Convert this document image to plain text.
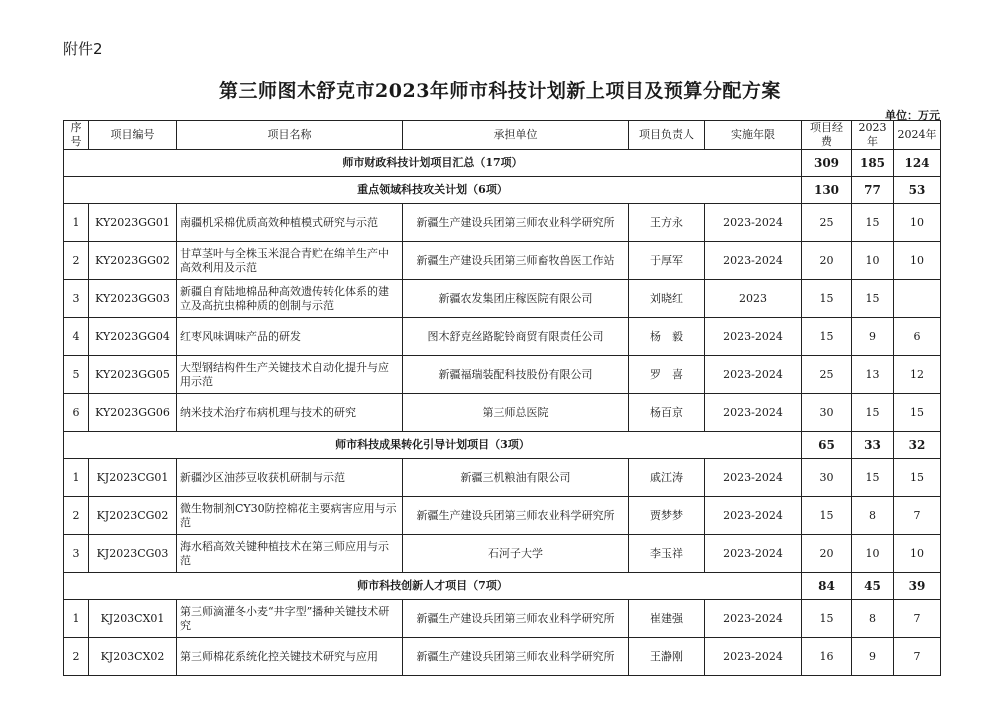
附件2
第三师图木舒克市2023年师市科技计划新上项目及预算分配方案
单位：万元
序号	项目编号	项目名称	承担单位	项目负责人	实施年限	项目经费	2023年	2024年
师市财政科技计划项目汇总（17项）						309	185	124
重点领域科技攻关计划（6项）						130	77	53
1	KY2023GG01	南疆机采棉优质高效种植模式研究与示范	新疆生产建设兵团第三师农业科学研究所	王方永	2023-2024	25	15	10
2	KY2023GG02	甘草茎叶与全株玉米混合青贮在绵羊生产中高效利用及示范	新疆生产建设兵团第三师畜牧兽医工作站	于厚军	2023-2024	20	10	10
3	KY2023GG03	新疆自育陆地棉品种高效遗传转化体系的建立及高抗虫棉种质的创制与示范	新疆农发集团庄稼医院有限公司	刘晓红	2023	15	15	
4	KY2023GG04	红枣风味调味产品的研发	图木舒克丝路駝铃商贸有限责任公司	杨　毅	2023-2024	15	9	6
5	KY2023GG05	大型钢结构件生产关键技术自动化提升与应用示范	新疆福瑞装配科技股份有限公司	罗　喜	2023-2024	25	13	12
6	KY2023GG06	纳米技术治疗布病机理与技术的研究	第三师总医院	杨百京	2023-2024	30	15	15
师市科技成果转化引导计划项目（3项）						65	33	32
1	KJ2023CG01	新疆沙区油莎豆收获机研制与示范	新疆三机粮油有限公司	戚江涛	2023-2024	30	15	15
2	KJ2023CG02	微生物制剂CY30防控棉花主要病害应用与示范	新疆生产建设兵团第三师农业科学研究所	贾梦梦	2023-2024	15	8	7
3	KJ2023CG03	海水稻高效关键种植技术在第三师应用与示范	石河子大学	李玉祥	2023-2024	20	10	10
师市科技创新人才项目（7项）						84	45	39
1	KJ203CX01	第三师滴灌冬小麦“井字型”播种关键技术研究	新疆生产建设兵团第三师农业科学研究所	崔建强	2023-2024	15	8	7
2	KJ203CX02	第三师棉花系统化控关键技术研究与应用	新疆生产建设兵团第三师农业科学研究所	王瀞刚	2023-2024	16	9	7
